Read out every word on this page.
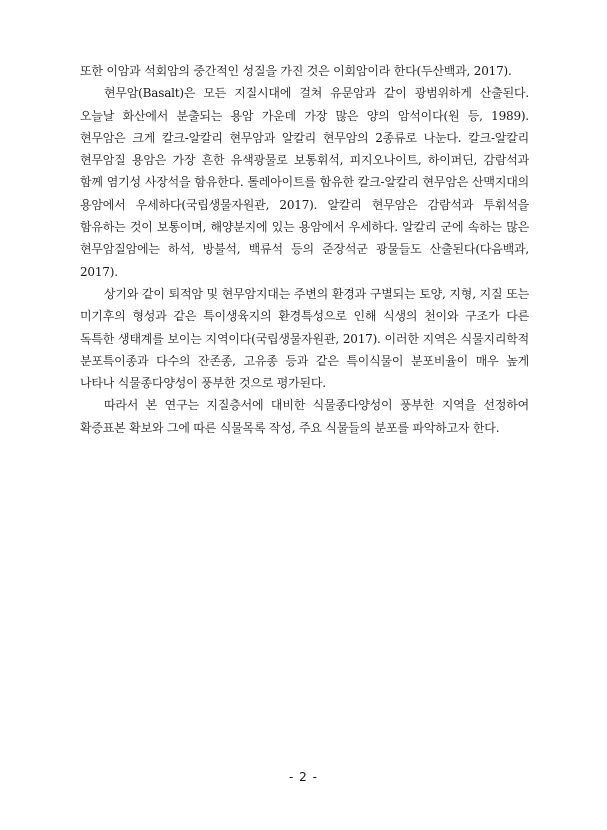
또한 이암과 석회암의 중간적인 성질을 가진 것은 이회암이라 한다(두산백과, 2017).

현무암(Basalt)은 모든 지질시대에 걸쳐 유문암과 같이 광범위하게 산출된다. 오늘날 화산에서 분출되는 용암 가운데 가장 많은 양의 암석이다(원 등, 1989). 현무암은 크게 칼크-알칼리 현무암과 알칼리 현무암의 2종류로 나눈다. 칼크-알칼리 현무암질 용암은 가장 흔한 유색광물로 보통휘석, 피지오나이트, 하이퍼딘, 감람석과 함께 염기성 사장석을 함유한다. 톨레아이트를 함유한 칼크-알칼리 현무암은 산맥지대의 용암에서 우세하다(국립생물자원관, 2017). 알칼리 현무암은 감람석과 투휘석을 함유하는 것이 보통이며, 해양분지에 있는 용암에서 우세하다. 알칼리 군에 속하는 많은 현무암질암에는 하석, 방불석, 백류석 등의 준장석군 광물들도 산출된다(다음백과, 2017).

상기와 같이 퇴적암 및 현무암지대는 주변의 환경과 구별되는 토양, 지형, 지질 또는 미기후의 형성과 같은 특이생육지의 환경특성으로 인해 식생의 천이와 구조가 다른 독특한 생태계를 보이는 지역이다(국립생물자원관, 2017). 이러한 지역은 식물지리학적 분포특이종과 다수의 잔존종, 고유종 등과 같은 특이식물이 분포비율이 매우 높게 나타나 식물종다양성이 풍부한 것으로 평가된다.

따라서 본 연구는 지질층서에 대비한 식물종다양성이 풍부한 지역을 선정하여 확증표본 확보와 그에 따른 식물목록 작성, 주요 식물들의 분포를 파악하고자 한다.

- 2 -
